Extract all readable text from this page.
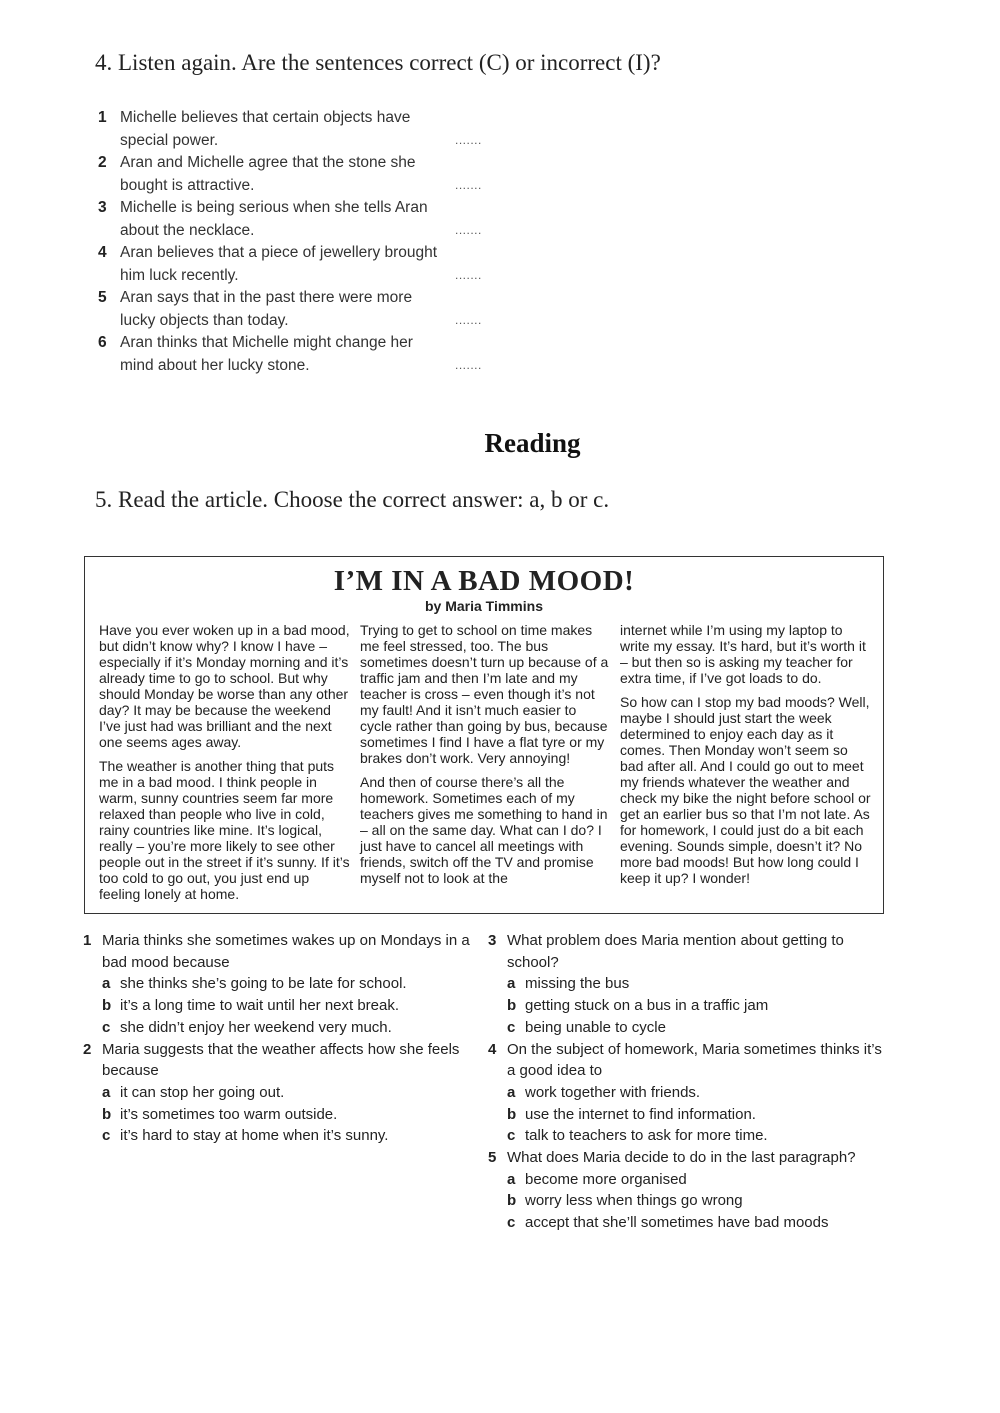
4. Listen again. Are the sentences correct (C) or incorrect (I)?
1 Michelle believes that certain objects have special power.	.......
2 Aran and Michelle agree that the stone she bought is attractive.	.......
3 Michelle is being serious when she tells Aran about the necklace.	.......
4 Aran believes that a piece of jewellery brought him luck recently.	.......
5 Aran says that in the past there were more lucky objects than today.	.......
6 Aran thinks that Michelle might change her mind about her lucky stone.	.......
Reading
5. Read the article. Choose the correct answer: a, b or c.
I’M IN A BAD MOOD!
by Maria Timmins

Have you ever woken up in a bad mood, but didn’t know why? I know I have – especially if it’s Monday morning and it’s already time to go to school. But why should Monday be worse than any other day? It may be because the weekend I’ve just had was brilliant and the next one seems ages away.

The weather is another thing that puts me in a bad mood. I think people in warm, sunny countries seem far more relaxed than people who live in cold, rainy countries like mine. It’s logical, really – you’re more likely to see other people out in the street if it’s sunny. If it’s too cold to go out, you just end up feeling lonely at home.

Trying to get to school on time makes me feel stressed, too. The bus sometimes doesn’t turn up because of a traffic jam and then I’m late and my teacher is cross – even though it’s not my fault! And it isn’t much easier to cycle rather than going by bus, because sometimes I find I have a flat tyre or my brakes don’t work. Very annoying!

And then of course there’s all the homework. Sometimes each of my teachers gives me something to hand in – all on the same day. What can I do? I just have to cancel all meetings with friends, switch off the TV and promise myself not to look at the

internet while I’m using my laptop to write my essay. It’s hard, but it’s worth it – but then so is asking my teacher for extra time, if I’ve got loads to do.

So how can I stop my bad moods? Well, maybe I should just start the week determined to enjoy each day as it comes. Then Monday won’t seem so bad after all. And I could go out to meet my friends whatever the weather and check my bike the night before school or get an earlier bus so that I’m not late. As for homework, I could just do a bit each evening. Sounds simple, doesn’t it? No more bad moods! But how long could I keep it up? I wonder!

1 Maria thinks she sometimes wakes up on Mondays in a bad mood because
a she thinks she’s going to be late for school.
b it’s a long time to wait until her next break.
c she didn’t enjoy her weekend very much.
2 Maria suggests that the weather affects how she feels because
a it can stop her going out.
b it’s sometimes too warm outside.
c it’s hard to stay at home when it’s sunny.
3 What problem does Maria mention about getting to school?
a missing the bus
b getting stuck on a bus in a traffic jam
c being unable to cycle
4 On the subject of homework, Maria sometimes thinks it’s a good idea to
a work together with friends.
b use the internet to find information.
c talk to teachers to ask for more time.
5 What does Maria decide to do in the last paragraph?
a become more organised
b worry less when things go wrong
c accept that she’ll sometimes have bad moods
